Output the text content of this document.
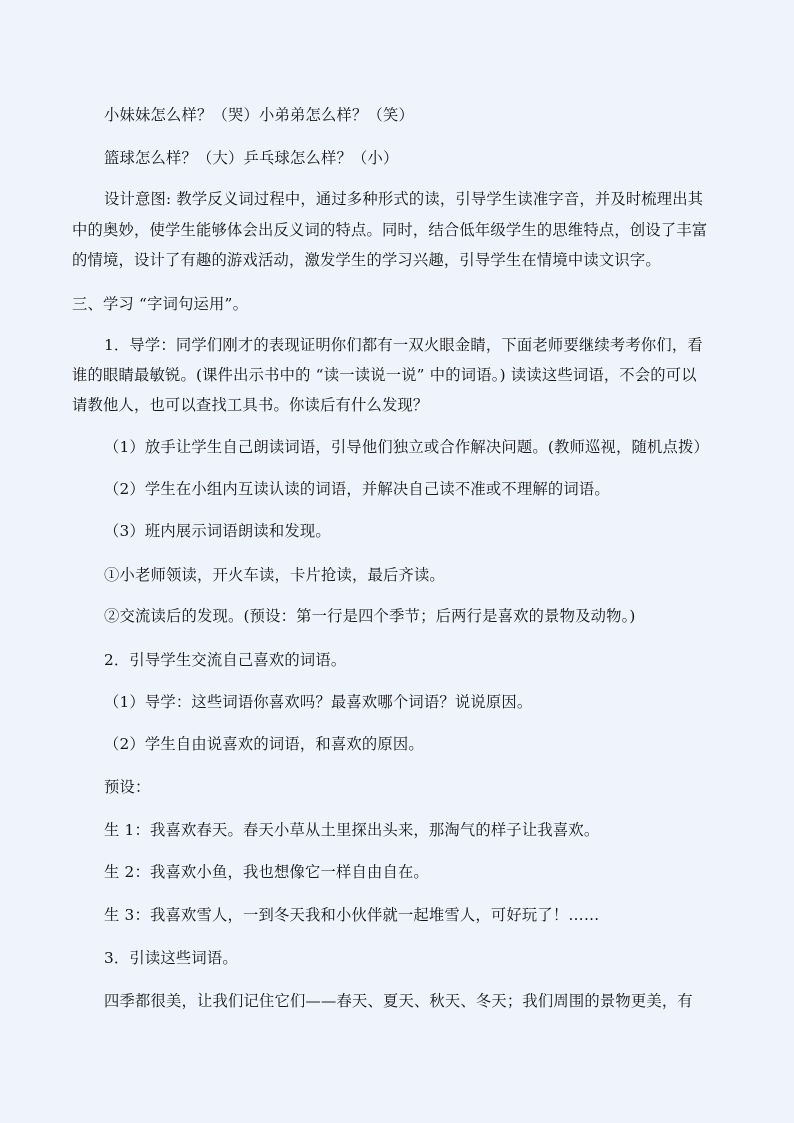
小妹妹怎么样？（哭）小弟弟怎么样？（笑）
篮球怎么样？（大）乒乓球怎么样？（小）
设计意图: 教学反义词过程中，通过多种形式的读，引导学生读准字音，并及时梳理出其
中的奥妙，使学生能够体会出反义词的特点。同时，结合低年级学生的思维特点，创设了丰富
的情境，设计了有趣的游戏活动，激发学生的学习兴趣，引导学生在情境中读文识字。
三、学习 “字词句运用”。
1．导学：同学们刚才的表现证明你们都有一双火眼金睛，下面老师要继续考考你们，看
谁的眼睛最敏锐。(课件出示书中的 “读一读说一说” 中的词语。) 读读这些词语，不会的可以
请教他人，也可以查找工具书。你读后有什么发现？
（1）放手让学生自己朗读词语，引导他们独立或合作解决问题。(教师巡视，随机点拨）
（2）学生在小组内互读认读的词语，并解决自己读不准或不理解的词语。
（3）班内展示词语朗读和发现。
①小老师领读，开火车读，卡片抢读，最后齐读。
②交流读后的发现。(预设：第一行是四个季节；后两行是喜欢的景物及动物。)
2．引导学生交流自己喜欢的词语。
（1）导学：这些词语你喜欢吗？最喜欢哪个词语？说说原因。
（2）学生自由说喜欢的词语，和喜欢的原因。
预设：
生 1：我喜欢春天。春天小草从土里探出头来，那淘气的样子让我喜欢。
生 2：我喜欢小鱼，我也想像它一样自由自在。
生 3：我喜欢雪人，一到冬天我和小伙伴就一起堆雪人，可好玩了！……
3．引读这些词语。
四季都很美，让我们记住它们——春天、夏天、秋天、冬天；我们周围的景物更美，有
